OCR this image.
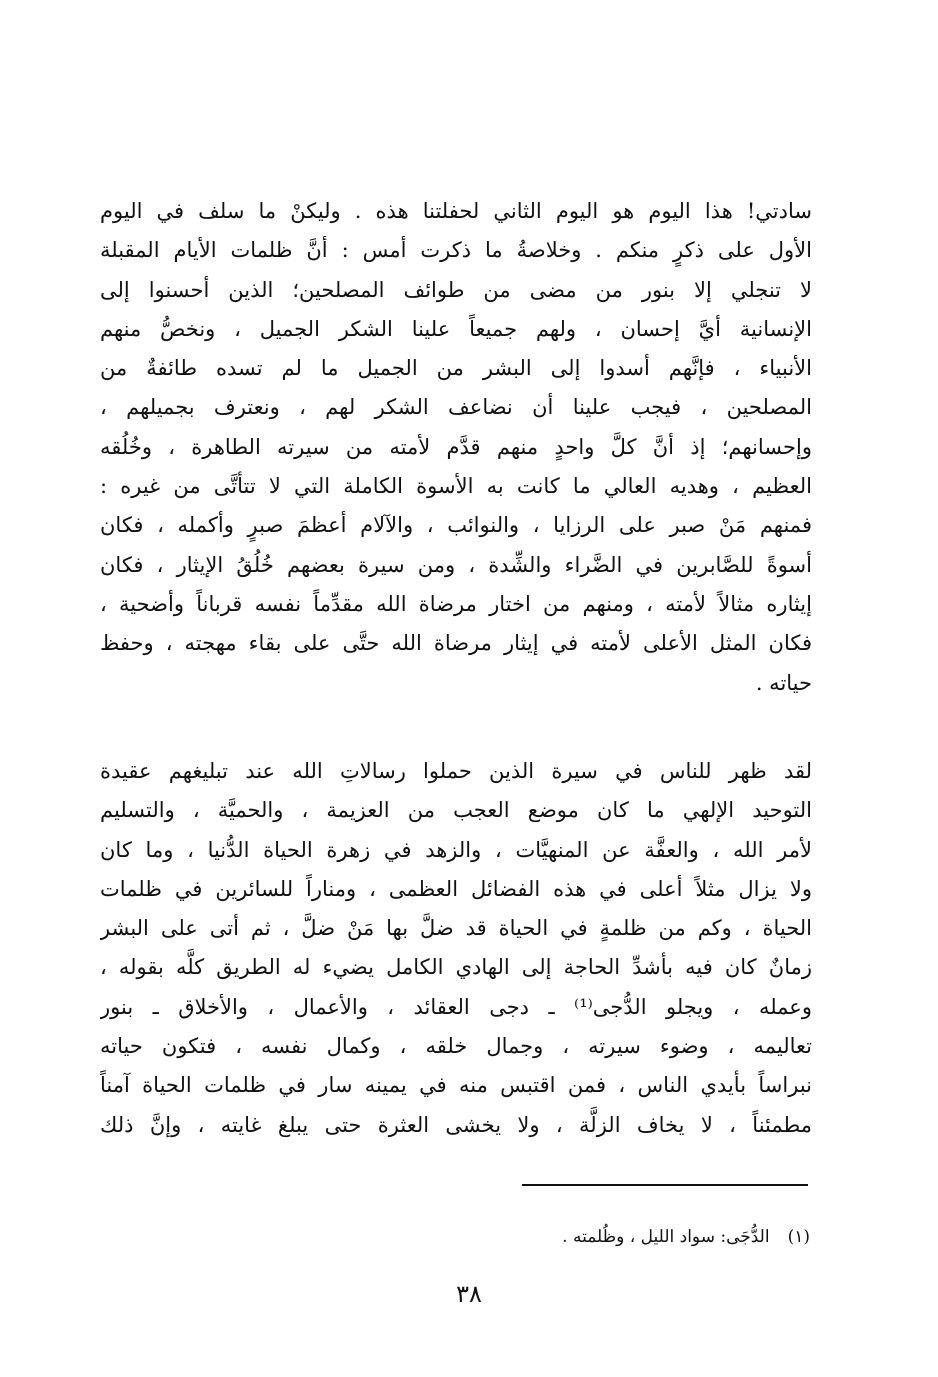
سادتي! هذا اليوم هو اليوم الثاني لحفلتنا هذه . وليكنْ ما سلف في اليوم
الأول على ذكرٍ منكم . وخلاصةُ ما ذكرت أمس : أنَّ ظلمات الأيام المقبلة
لا تنجلي إلا بنور من مضى من طوائف المصلحين؛ الذين أحسنوا إلى
الإنسانية أيَّ إحسان ، ولهم جميعاً علينا الشكر الجميل ، ونخصُّ منهم
الأنبياء ، فإنَّهم أسدوا إلى البشر من الجميل ما لم تسده طائفةٌ من
المصلحين ، فيجب علينا أن نضاعف الشكر لهم ، ونعترف بجميلهم ،
وإحسانهم؛ إذ أنَّ كلَّ واحدٍ منهم قدَّم لأمته من سيرته الطاهرة ، وخُلُقه
العظيم ، وهديه العالي ما كانت به الأسوة الكاملة التي لا تتأتَّى من غيره :
فمنهم مَنْ صبر على الرزايا ، والنوائب ، والآلام أعظمَ صبرٍ وأكمله ، فكان
أسوةً للصَّابرين في الضَّراء والشِّدة ، ومن سيرة بعضهم خُلُقُ الإيثار ، فكان
إيثاره مثالاً لأمته ، ومنهم من اختار مرضاة الله مقدِّماً نفسه قرباناً وأضحية ،
فكان المثل الأعلى لأمته في إيثار مرضاة الله حتَّى على بقاء مهجته ، وحفظ
حياته .
لقد ظهر للناس في سيرة الذين حملوا رسالاتِ الله عند تبليغهم عقيدة
التوحيد الإلهي ما كان موضع العجب من العزيمة ، والحميَّة ، والتسليم
لأمر الله ، والعفَّة عن المنهيَّات ، والزهد في زهرة الحياة الدُّنيا ، وما كان
ولا يزال مثلاً أعلى في هذه الفضائل العظمى ، ومناراً للسائرين في ظلمات
الحياة ، وكم من ظلمةٍ في الحياة قد ضلَّ بها مَنْ ضلَّ ، ثم أتى على البشر
زمانٌ كان فيه بأشدِّ الحاجة إلى الهادي الكامل يضيء له الطريق كلَّه بقوله ،
وعمله ، ويجلو الدُّجى⁽¹⁾ ـ دجى العقائد ، والأعمال ، والأخلاق ـ بنور
تعاليمه ، وضوء سيرته ، وجمال خلقه ، وكمال نفسه ، فتكون حياته
نبراساً بأيدي الناس ، فمن اقتبس منه في يمينه سار في ظلمات الحياة آمناً
مطمئناً ، لا يخاف الزلَّة ، ولا يخشى العثرة حتى يبلغ غايته ، وإنَّ ذلك
(١)الدُّجَى: سواد الليل ، وظُلمته .
٣٨
